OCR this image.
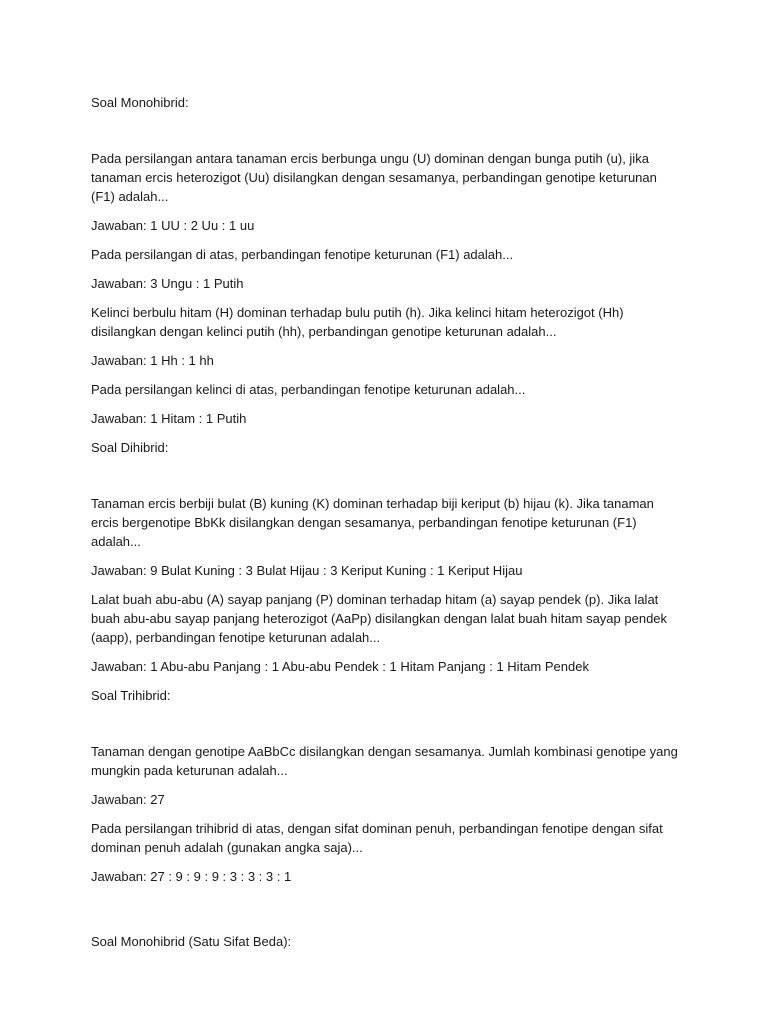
Soal Monohibrid:

Pada persilangan antara tanaman ercis berbunga ungu (U) dominan dengan bunga putih (u), jika tanaman ercis heterozigot (Uu) disilangkan dengan sesamanya, perbandingan genotipe keturunan (F1) adalah...

Jawaban: 1 UU : 2 Uu : 1 uu

Pada persilangan di atas, perbandingan fenotipe keturunan (F1) adalah...

Jawaban: 3 Ungu : 1 Putih

Kelinci berbulu hitam (H) dominan terhadap bulu putih (h). Jika kelinci hitam heterozigot (Hh) disilangkan dengan kelinci putih (hh), perbandingan genotipe keturunan adalah...

Jawaban: 1 Hh : 1 hh

Pada persilangan kelinci di atas, perbandingan fenotipe keturunan adalah...

Jawaban: 1 Hitam : 1 Putih

Soal Dihibrid:

Tanaman ercis berbiji bulat (B) kuning (K) dominan terhadap biji keriput (b) hijau (k). Jika tanaman ercis bergenotipe BbKk disilangkan dengan sesamanya, perbandingan fenotipe keturunan (F1) adalah...

Jawaban: 9 Bulat Kuning : 3 Bulat Hijau : 3 Keriput Kuning : 1 Keriput Hijau

Lalat buah abu-abu (A) sayap panjang (P) dominan terhadap hitam (a) sayap pendek (p). Jika lalat buah abu-abu sayap panjang heterozigot (AaPp) disilangkan dengan lalat buah hitam sayap pendek (aapp), perbandingan fenotipe keturunan adalah...

Jawaban: 1 Abu-abu Panjang : 1 Abu-abu Pendek : 1 Hitam Panjang : 1 Hitam Pendek

Soal Trihibrid:

Tanaman dengan genotipe AaBbCc disilangkan dengan sesamanya. Jumlah kombinasi genotipe yang mungkin pada keturunan adalah...

Jawaban: 27

Pada persilangan trihibrid di atas, dengan sifat dominan penuh, perbandingan fenotipe dengan sifat dominan penuh adalah (gunakan angka saja)...

Jawaban: 27 : 9 : 9 : 9 : 3 : 3 : 3 : 1

Soal Monohibrid (Satu Sifat Beda):
